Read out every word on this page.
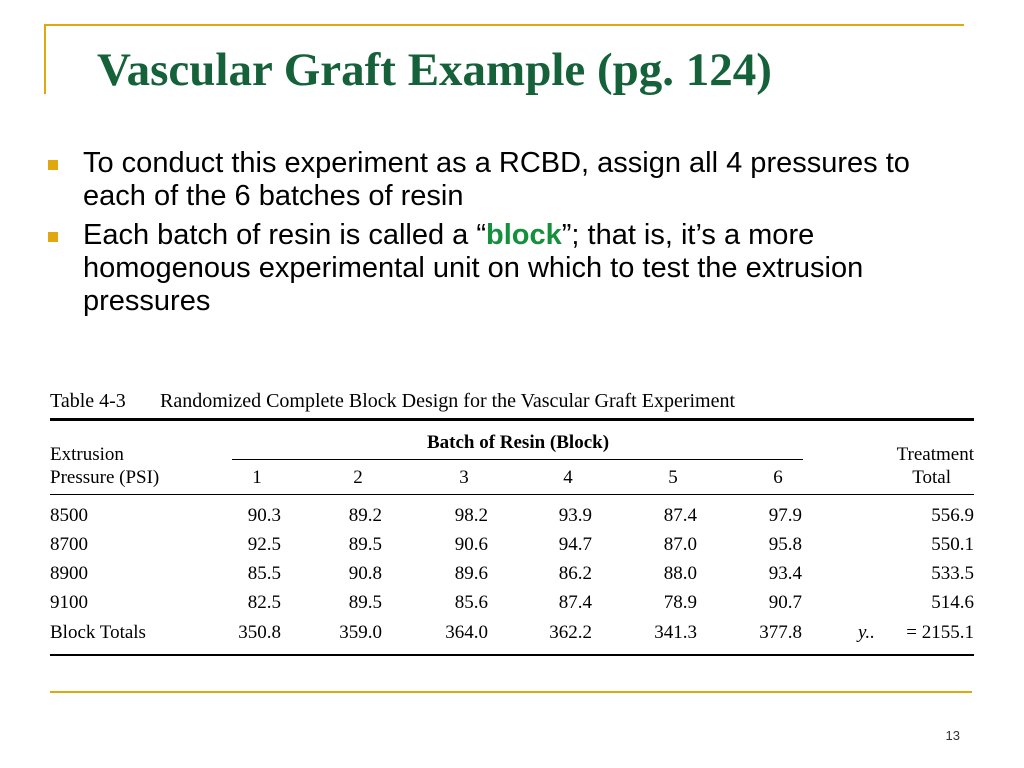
Vascular Graft Example (pg. 124)
To conduct this experiment as a RCBD, assign all 4 pressures to each of the 6 batches of resin
Each batch of resin is called a “block”; that is, it’s a more homogenous experimental unit on which to test the extrusion pressures
Table 4-3 Randomized Complete Block Design for the Vascular Graft Experiment
Extrusion
Pressure (PSI)
Batch of Resin (Block)
1	2	3	4	5	6
Treatment
Total
8500	90.3	89.2	98.2	93.9	87.4	97.9	556.9
8700	92.5	89.5	90.6	94.7	87.0	95.8	550.1
8900	85.5	90.8	89.6	86.2	88.0	93.4	533.5
9100	82.5	89.5	85.6	87.4	78.9	90.7	514.6
Block Totals	350.8	359.0	364.0	362.2	341.3	377.8	y..	= 2155.1
13
